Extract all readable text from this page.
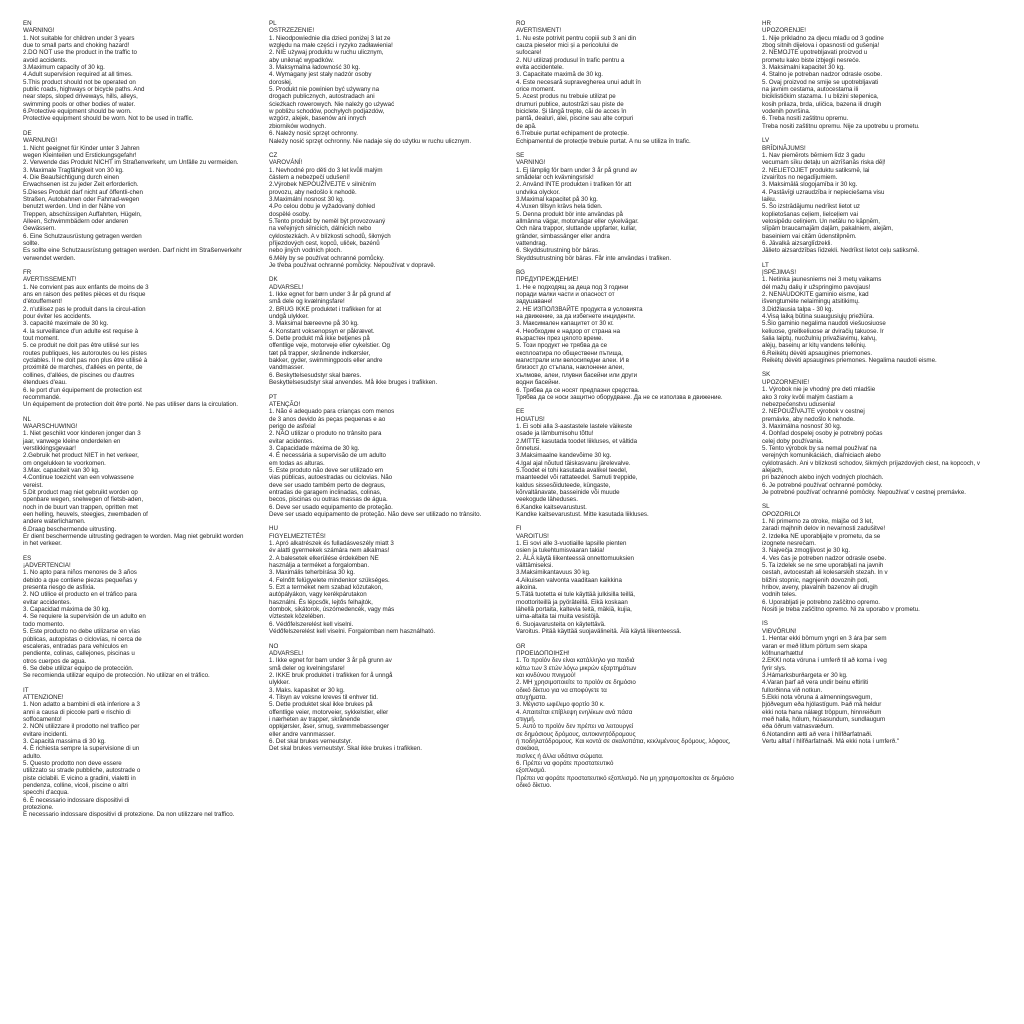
EN
WARNING!
1. Not suitable for children under 3 years
due to small parts and choking hazard!
2.DO NOT use the product in the traffic to
avoid accidents.
3.Maximum capacity of 30 kg.
4.Adult supervision required at all times.
5.This product should not be operated on
public roads, highways or bicycle paths. And
near steps, sloped driveways, hills, alleys,
swimming pools or other bodies of water.
6.Protective equipment should be worn.
Protective equipment should be worn. Not to be used in traffic.
DE
WARNUNG!
1. Nicht geeignet für Kinder unter 3 Jahren
wegen Kleinteilen und Erstickungsgefahr!
2. Verwende das Produkt NICHT im Straßenverkehr, um Unfälle zu vermeiden.
3. Maximale Tragfähigkeit von 30 kg.
4. Die Beaufsichtigung durch einen
Erwachsenen ist zu jeder Zeit erforderlich.
5.Dieses Produkt darf nicht auf öffentli-chen
Straßen, Autobahnen oder Fahrrad-wegen
benutzt werden. Und in der Nähe von
Treppen, abschüssigen Auffahrten, Hügeln,
Alleen, Schwimmbädern oder anderen
Gewässern.
6. Eine Schutzausrüstung getragen werden
sollte.
Es sollte eine Schutzausrüstung getragen werden. Darf nicht im Straßenverkehr
verwendet werden.
FR
AVERTISSEMENT!
1. Ne convient pas aux enfants de moins de 3
ans en raison des petites pièces et du risque
d'étouffement!
2. n'utilisez pas le produit dans la circul-ation
pour éviter les accidents.
3. capacité maximale de 30 kg.
4. la surveillance d'un adulte est requise à
tout moment.
5. ce produit ne doit pas être utilisé sur les
routes publiques, les autoroutes ou les pistes
cyclables. Il ne doit pas non plus être utilisé à
proximité de marches, d'allées en pente, de
collines, d'allées, de piscines ou d'autres
étendues d'eau.
6. le port d'un équipement de protection est
recommandé.
Un équipement de protection doit être porté. Ne pas utiliser dans la circulation.
NL
WAARSCHUWING!
1. Niet geschikt voor kinderen jonger dan 3
jaar, vanwege kleine onderdelen en
verstikkingsgevaar!
2.Gebruik het product NIET in het verkeer,
om ongelukken te voorkomen.
3.Max. capaciteit van 30 kg.
4.Continue toezicht van een volwassene
vereist.
5.Dit product mag niet gebruikt worden op
openbare wegen, snelwegen of fietsb-aden,
noch in de buurt van trappen, opritten met
een helling, heuvels, steegjes, zwembaden of
andere waterlichamen.
6.Draag beschermende uitrusting.
Er dient beschermende uitrusting gedragen te worden. Mag niet gebruikt worden
in het verkeer.
ES
¡ADVERTENCIA!
1. No apto para niños menores de 3 años
debido a que contiene piezas pequeñas y
presenta riesgo de asfixia.
2. NO utilice el producto en el tráfico para
evitar accidentes.
3. Capacidad máxima de 30 kg.
4. Se requiere la supervisión de un adulto en
todo momento.
5. Este producto no debe utilizarse en vías
públicas, autopistas o ciclovías, ni cerca de
escaleras, entradas para vehículos en
pendiente, colinas, callejones, piscinas u
otros cuerpos de agua.
6. Se debe utilizar equipo de protección.
Se recomienda utilizar equipo de protección. No utilizar en el tráfico.
IT
ATTENZIONE!
1. Non adatto a bambini di età inferiore a 3
anni a causa di piccole parti e rischio di
soffocamento!
2. NON utilizzare il prodotto nel traffico per
evitare incidenti.
3. Capacità massima di 30 kg.
4. È richiesta sempre la supervisione di un
adulto.
5. Questo prodotto non deve essere
utilizzato su strade pubbliche, autostrade o
piste ciclabili. E vicino a gradini, vialetti in
pendenza, colline, vicoli, piscine o altri
specchi d'acqua.
6. È necessario indossare dispositivi di
protezione.
È necessario indossare dispositivi di protezione. Da non utilizzare nel traffico.
PL
OSTRZEZENIE!
1. Nieodpowiednie dla dzieci poniżej 3 lat ze
względu na małe części i ryzyko zadławienia!
2. NIE używaj produktu w ruchu ulicznym,
aby uniknąć wypadków.
3. Maksymalna ładowność 30 kg.
4. Wymagany jest stały nadzór osoby
dorosłej.
5. Produkt nie powinien być używany na
drogach publicznych, autostradach ani
ścieżkach rowerowych. Nie należy go używać
w pobliżu schodów, pochyłych podjazdów,
wzgórz, alejek, basenów ani innych
zbiorników wodnych.
6. Należy nosić sprzęt ochronny.
Należy nosić sprzęt ochronny. Nie nadaje się do użytku w ruchu ulicznym.
CZ
VAROVÁNÍ!
1. Nevhodné pro děti do 3 let kvůli malým
částem a nebezpečí udušení!
2.Výrobek NEPOUŽÍVEJTE v silničním
provozu, aby nedošlo k nehodě.
3.Maximální nosnost 30 kg.
4.Po celou dobu je vyžadovaný dohled
dospělé osoby.
5.Tento produkt by neměl být provozovaný
na veřejných silnicích, dálnicích nebo
cyklostezkách. A v blízkosti schodů, šikmých
příjezdových cest, kopců, uliček, bazénů
nebo jiných vodních ploch.
6.Měly by se používat ochranné pomůcky.
Je třeba používat ochranné pomůcky. Nepoužívat v dopravě.
DK
ADVARSEL!
1. Ikke egnet for børn under 3 år på grund af
små dele og kvælningsfare!
2. BRUG IKKE produktet i trafikken for at
undgå ulykker.
3. Maksimal bæreevne på 30 kg.
4. Konstant voksenopsyn er påkrævet.
5. Dette produkt må ikke betjenes på
offentlige veje, motorveje eller cykelstier. Og
tæt på trapper, skrånende indkørsler,
bakker, gyder, swimmingpools eller andre
vandmasser.
6. Beskyttelsesudstyr skal bæres.
Beskyttelsesudstyr skal anvendes. Må ikke bruges i trafikken.
PT
ATENÇÃO!
1. Não é adequado para crianças com menos
de 3 anos devido às peças pequenas e ao
perigo de asfixia!
2. NÃO utilizar o produto no trânsito para
evitar acidentes.
3. Capacidade máxima de 30 kg.
4. É necessária a supervisão de um adulto
em todas as alturas.
5. Este produto não deve ser utilizado em
vias públicas, autoestradas ou ciclovias. Não
deve ser usado também perto de degraus,
entradas de garagem inclinadas, colinas,
becos, piscinas ou outras massas de água.
6. Deve ser usado equipamento de proteção.
Deve ser usado equipamento de proteção. Não deve ser utilizado no trânsito.
HU
FIGYELMEZTETÉS!
1. Apró alkatrészek és fulladásveszély miatt 3
év alatti gyermekek számára nem alkalmas!
2. A balesetek elkerülése érdekében NE
használja a terméket a forgalomban.
3. Maximális teherbírása 30 kg.
4. Felnőtt felügyelete mindenkor szükséges.
5. Ezt a terméket nem szabad közutakon,
autópályákon, vagy kerékpárutakon
használni. És lépcsők, lejtős felhajtók,
dombok, sikátorok, úszómedencék, vagy más
víztestek közelében.
6. Védőfelszerelést kell viselni.
Védőfelszerelést kell viselni. Forgalomban nem használható.
NO
ADVARSEL!
1. Ikke egnet for barn under 3 år på grunn av
små deler og kvelningsfare!
2. IKKE bruk produktet i trafikken for å unngå
ulykker.
3. Maks. kapasitet er 30 kg.
4. Tilsyn av voksne kreves til enhver tid.
5. Dette produktet skal ikke brukes på
offentlige veier, motorveier, sykkelstier, eller
i nærheten av trapper, skrånende
oppkjørsler, åser, smug, svømmebassenger
eller andre vannmasser.
6. Det skal brukes verneutstyr.
Det skal brukes verneutstyr. Skal ikke brukes i trafikken.
RO
AVERTISMENT!
1. Nu este potrivit pentru copiii sub 3 ani din
cauza pieselor mici și a pericolului de
sufocare!
2. NU utilizați produsul în trafic pentru a
evita accidentele.
3. Capacitate maximă de 30 kg.
4. Este necesară supravegherea unui adult în
orice moment.
5. Acest produs nu trebuie utilizat pe
drumuri publice, autostrăzi sau piste de
biciclete. Și lângă trepte, căi de acces în
pantă, dealuri, alei, piscine sau alte corpuri
de apă.
6.Trebuie purtat echipament de protecție.
Echipamentul de protecție trebuie purtat. A nu se utiliza în trafic.
SE
VARNING!
1. Ej lämplig för barn under 3 år på grund av
smådelar och kvävningsrisk!
2. Använd INTE produkten i trafiken för att
undvika olyckor.
3.Maximal kapacitet på 30 kg.
4.Vuxen tillsyn krävs hela tiden.
5. Denna produkt bör inte användas på
allmänna vägar, motorvägar eller cykelvägar.
Och nära trappor, sluttande uppfarter, kullar,
gränder, simbassänger eller andra
vattendrag.
6. Skyddsutrustning bör bäras.
Skyddsutrustning bör bäras. Får inte användas i trafiken.
BG
ПРЕДУПРЕЖДЕНИЕ!
1. Не е подходящ за деца под 3 години
поради малки части и опасност от
задушаване!
2. НЕ ИЗПОЛЗВАЙТЕ продукта в условията
на движение, за да избегнете инциденти.
3. Максимален капацитет от 30 кг.
4. Необходим е надзор от страна на
възрастен през цялото време.
5. Този продукт не трябва да се
експлоатира по обществени пътища,
магистрали или велосипедни алеи. И в
близост до стъпала, наклонени алеи,
хълмове, алеи, плувни басейни или други
водни басейни.
6. Трябва да се носят предпазни средства.
Трябва да се носи защитно оборудване. Да не се използва в движение.
EE
HOIATUS!
1. Ei sobi alla 3-aastastele lastele väikeste
osade ja lämbumisohu tõttu!
2.MITTE kasutada toodet liikluses, et vältida
õnnetusi.
3.Maksimaalne kandevõime 30 kg.
4.Igal ajal nõutud täiskasvanu järelevalve.
5.Toodet ei tohi kasutada avalikel teedel,
maanteedel või rattateedel. Samuti treppide,
kaldus sissesõiduteede, küngaste,
kõrvaltänavate, basseinide või muude
veekogude läheduses.
6.Kandke kaitsevarustust.
Kandke kaitsevarustust. Mitte kasutada liikluses.
FI
VAROITUS!
1. Ei sovi alle 3-vuotiaille lapsille pienten
osien ja tukehtumisvaaran takia!
2. ÄLÄ käytä liikenteessä onnettomuuksien
välttämiseksi.
3.Maksimikantavuus 30 kg.
4.Aikuisen valvonta vaaditaan kaikkina
aikoina.
5.Tätä tuotetta ei tule käyttää julkisilla teillä,
moottoriteillä ja pyöräteillä. Eikä koskaan
lähellä portaita, kaltevia teitä, mäkiä, kujia,
uima-altaita tai muita vesistöjä.
6. Suojavarusteita on käytettävä.
Varoitus. Pitää käyttää suojavälineitä. Älä käytä liikenteessä.
GR
ΠΡΟΕΙΔΟΠΟΙΗΣΗ!
1. Το προϊόν δεν είναι κατάλληλο για παιδιά
κάτω των 3 ετών λόγω μικρών εξαρτημάτων
και κινδύνου πνιγμού!
2. ΜΗ χρησιμοποιείτε το προϊόν σε δημόσιο
οδικό δίκτυο για να αποφύγετε τα
ατυχήματα.
3. Μέγιστο ωφέλιμο φορτίο 30 κ.
4. Απαιτείται επίβλεψη ενηλίκων ανά πάσα
στιγμή.
5. Αυτό το προϊόν δεν πρέπει να λειτουργεί
σε δημόσιους δρόμους, αυτοκινητόδρομους
ή ποδηλατόδρομους. Και κοντά σε σκαλοπάτια, κεκλιμένους δρόμους, λόφους,
σοκάκια,
πισίνες ή άλλα υδάτινα σώματα.
6. Πρέπει να φοράτε προστατευτικό
εξοπλισμό.
Πρέπει να φοράτε προστατευτικό εξοπλισμό. Να μη χρησιμοποιείται σε δημόσιο
οδικό δίκτυο.
HR
UPOZORENJE!
1. Nije prikladno za djecu mlađu od 3 godine
zbog sitnih dijelova i opasnosti od gušenja!
2. NEMOJTE upotrebljavati proizvod u
prometu kako biste izbjegli nesreće.
3. Maksimalni kapacitet 30 kg.
4. Stalno je potreban nadzor odrasle osobe.
5. Ovaj proizvod ne smije se upotrebljavati
na javnim cestama, autocestama ili
biciklističkim stazama. I u blizini stepenica,
kosih prilaza, brda, uličica, bazena ili drugih
vodenih površina.
6. Treba nositi zaštitnu opremu.
Treba nositi zaštitnu opremu. Nije za upotrebu u prometu.
LV
BRĪDINĀJUMS!
1. Nav piemērots bērniem līdz 3 gadu
vecumam sīku detaļu un aizrīšanās riska dēļ!
2. NELIETOJIET produktu satiksmē, lai
izvairītos no negadījumiem.
3. Maksimālā slogojamība ir 30 kg.
4. Pastāvīgi uzraudzība ir nepieciešama visu
laiku.
5. Šo izstrādājumu nedrīkst lietot uz
koplietošanas ceļiem, lielceļiem vai
velosipēdu celiņiem. Un netālu no kāpņēm,
slīpām braucamajām daļām, pakalniem, alejām,
baseiniem vai citām ūdenstilpnēm.
6. Jāvalkā aizsarglīdzekli.
Jālieto aizsardzības līdzekli. Nedrīkst lietot ceļu satiksmē.
LT
ĮSPĖJIMAS!
1. Netinka jaunesniems nei 3 metų vaikams
dėl mažų dalių ir užspringimo pavojaus!
2. NENAUDOKITE gaminio eismе, kad
išvengtumėte nelaimingų atsitikimų.
3.Didžiausia talpa - 30 kg.
4.Visą laiką būtina suaugusiųjų priežiūra.
5.Šio gaminio negalima naudoti viešuosiuose
keliuose, greitkeliuose ar dviračių takuose. Ir
šalia laiptų, nuožulnių privažiavimų, kalvų,
alėjų, baseinų ar kitų vandens telkinių.
6.Reikėtų dėvėti apsaugines priemones.
Reikėtų dėvėti apsaugines priemones. Negalima naudoti eisme.
SK
UPOZORNENIE!
1. Výrobok nie je vhodný pre deti mladšie
ako 3 roky kvôli malým častiam a
nebezpečenstvu udusenia!
2. NEPOUŽÍVAJTE výrobok v cestnej
premávke, aby nedošlo k nehode.
3. Maximálna nosnosť 30 kg.
4. Dohľad dospelej osoby je potrebný počas
celej doby používania.
5. Tento výrobok by sa nemal používať na
verejných komunikáciách, diaľniciach alebo
cyklotrasách. Ani v blízkosti schodov, šikmých príjazdových ciest, na kopcoch, v
alejach,
pri bazénoch alebo iných vodných plochách.
6. Je potrebné používať ochranné pomôcky.
Je potrebné používať ochranné pomôcky. Nepoužívať v cestnej premávke.
SL
OPOZORILO!
1. Ni primerno za otroke, mlajše od 3 let,
zaradi majhnih delov in nevarnosti zadušitve!
2. Izdelka NE uporabljajte v prometu, da se
izognete nesrečam.
3. Največja zmogljivost je 30 kg.
4. Ves čas je potreben nadzor odrasle osebe.
5. Ta izdelek se ne sme uporabljati na javnih
cestah, avtocestah ali kolesarskih stezah. In v
bližini stopnic, nagnjenih dovoznih poti,
hribov, aveny, plavalnih bazenov ali drugih
vodnih teles.
6. Uporabljati je potrebno zaščitno opremo.
Nositi je treba zaščitno opremo. Ni za uporabo v prometu.
IS
VIÐVÖRUN!
1. Hentar ekki börnum yngri en 3 ára þar sem
varan er með litlum pörtum sem skapa
köfnunarhættu!
2.EKKI nota vöruna í umferð til að koma í veg
fyrir slys.
3.Hámarksburðargeta er 30 kg.
4.Varan þarf að vera undir beinu eftirliti
fullorðinna við notkun.
5.Ekki nota vöruna á almenningsvegum,
þjóðvegum eða hjólastígum. Það má heldur
ekki nota hana nálægt tröppum, hinnreiðum
með halla, hólum, húsasundum, sundlaugum
eða öðrum vatnasvæðum.
6.Notandinn ætti að vera í hlífðarfatnaði.
Vertu alltaf í hlífðarfatnaði. Má ekki nota í umferð."
